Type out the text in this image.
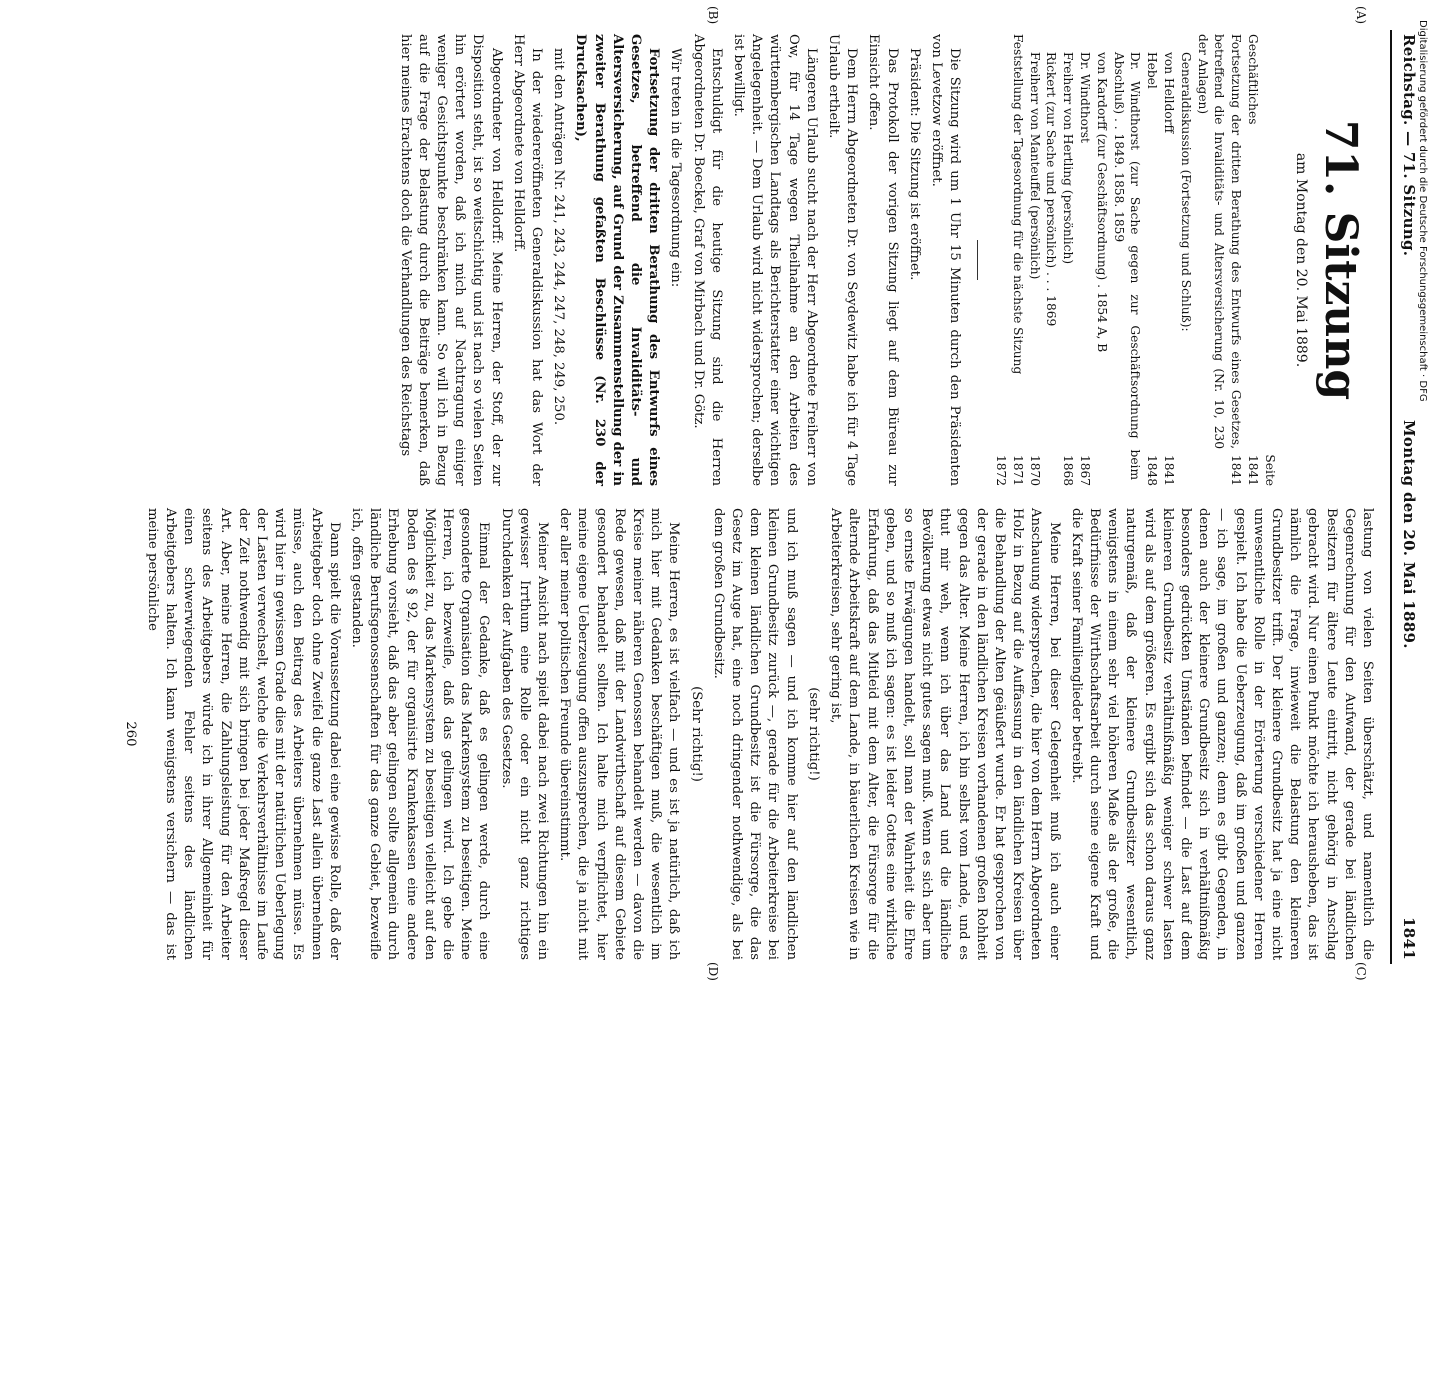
Reichstag. — 71. Sitzung.
Montag den 20. Mai 1889.
1841
(A)
(B)
(C)
(D)
71. Sitzung
am Montag den 20. Mai 1889.
Seite
Geschäftliches
1841
Fortsetzung der dritten Berathung des Entwurfs eines Gesetzes, betreffend die Invaliditäts- und Altersversicherung (Nr. 10, 230 der Anlagen)
1841
Generaldiskussion (Fortsetzung und Schluß):
von Helldorff
1841
Hebel
1848
Dr. Windthorst (zur Sache gegen zur Geschäftsordnung beim Abschluß) . . 1849. 1858. 1859
von Kardorff (zur Geschäftsordnung) . 1854 A, B
Dr. Windthorst
1867
Freiherr von Hertling (persönlich)
1868
Rickert (zur Sache und persönlich) . . . 1869
Freiherr von Manteuffel (persönlich)
1870
Feststellung der Tagesordnung für die nächste Sitzung
1871
1872

Die Sitzung wird um 1 Uhr 15 Minuten durch den Präsidenten von Levetzow eröffnet.

Präsident: Die Sitzung ist eröffnet.

Das Protokoll der vorigen Sitzung liegt auf dem Büreau zur Einsicht offen.

Dem Herrn Abgeordneten Dr. von Seydewitz habe ich für 4 Tage Urlaub ertheilt.

Längeren Urlaub sucht nach der Herr Abgeordnete Freiherr von Ow, für 14 Tage wegen Theilnahme an den Arbeiten des württembergischen Landtags als Berichterstatter einer wichtigen Angelegenheit. — Dem Urlaub wird nicht widersprochen; derselbe ist bewilligt.

Entschuldigt für die heutige Sitzung sind die Herren Abgeordneten Dr. Boeckel, Graf von Mirbach und Dr. Götz.

Wir treten in die Tagesordnung ein:

Fortsetzung der dritten Berathung des Entwurfs eines Gesetzes, betreffend die Invaliditäts- und Altersversicherung, auf Grund der Zusammenstellung der in zweiter Berathung gefaßten Beschlüsse (Nr. 230 der Drucksachen),

mit den Anträgen Nr. 241, 243, 244, 247, 248, 249, 250.

In der wiedereröffneten Generaldiskussion hat das Wort der Herr Abgeordnete von Helldorff.

Abgeordneter von Helldorff: Meine Herren, der Stoff, der zur Disposition steht, ist so weitschichtig und ist nach so vielen Seiten hin erörtert worden, daß ich mich auf Nachtragung einiger weniger Gesichtspunkte beschränken kann. So will ich in Bezug auf die Frage der Belastung durch die Beiträge bemerken, daß hier meines Erachtens doch die Verhandlungen des Reichstags

lastung von vielen Seiten überschätzt, und namentlich die Gegenrechnung für den Aufwand, der gerade bei ländlichen Besitzern für ältere Leute eintritt, nicht gehörig in Anschlag gebracht wird. Nur einen Punkt möchte ich herausheben, das ist nämlich die Frage, inwieweit die Belastung den kleineren Grundbesitzer trifft. Der kleinere Grundbesitz hat ja eine nicht unwesentliche Rolle in der Erörterung verschiedener Herren gespielt. Ich habe die Ueberzeugung, daß im großen und ganzen — ich sage, im großen und ganzen; denn es gibt Gegenden, in denen auch der kleinere Grundbesitz sich in verhältnißmäßig besonders gedrückten Umständen befindet — die Last auf dem kleineren Grundbesitz verhältnißmäßig weniger schwer lasten wird als auf dem größeren. Es ergibt sich das schon daraus ganz naturgemäß, daß der kleinere Grundbesitzer wesentlich, wenigstens in einem sehr viel höheren Maße als der große, die Bedürfnisse der Wirthschaftsarbeit durch seine eigene Kraft und die Kraft seiner Familienglieder betreibt.

Meine Herren, bei dieser Gelegenheit muß ich auch einer Anschauung widersprechen, die hier von dem Herrn Abgeordneten Holz in Bezug auf die Auffassung in den ländlichen Kreisen über die Behandlung der Alten geäußert wurde. Er hat gesprochen von der gerade in den ländlichen Kreisen vorhandenen großen Rohheit gegen das Alter. Meine Herren, ich bin selbst vom Lande, und es thut mir weh, wenn ich über das Land und die ländliche Bevölkerung etwas nicht gutes sagen muß. Wenn es sich aber um so ernste Erwägungen handelt, soll man der Wahrheit die Ehre geben, und so muß ich sagen: es ist leider Gottes eine wirkliche Erfahrung, daß das Mitleid mit dem Alter, die Fürsorge für die alternde Arbeitskraft auf dem Lande, in bäuerlichen Kreisen wie in Arbeiterkreisen, sehr gering ist,

(sehr richtig!)

und ich muß sagen — und ich komme hier auf den ländlichen kleinen Grundbesitz zurück —, gerade für die Arbeiterkreise bei dem kleinen ländlichen Grundbesitz ist die Fürsorge, die das Gesetz im Auge hat, eine noch dringender nothwendige, als bei dem großen Grundbesitz.

(Sehr richtig!)

Meine Herren, es ist vielfach — und es ist ja natürlich, daß ich mich hier mit Gedanken beschäftigen muß, die wesentlich im Kreise meiner näheren Genossen behandelt werden — davon die Rede gewesen, daß mit der Landwirthschaft auf diesem Gebiete gesondert behandelt sollten. Ich halte mich verpflichtet, hier meine eigene Ueberzeugung offen auszusprechen, die ja nicht mit der aller meiner politischen Freunde übereinstimmt.

Meiner Ansicht nach spielt dabei nach zwei Richtungen hin ein gewisser Irrthum eine Rolle oder ein nicht ganz richtiges Durchdenken der Aufgaben des Gesetzes.

Einmal der Gedanke, daß es gelingen werde, durch eine gesonderte Organisation das Markensystem zu beseitigen. Meine Herren, ich bezweifle, daß das gelingen wird. Ich gebe die Möglichkeit zu, das Markensystem zu beseitigen vielleicht auf den Boden des § 92, der für organisirte Krankenkassen eine andere Erhebung vorsieht, daß das aber gelingen sollte allgemein durch ländliche Berufsgenossenschaften für das ganze Gebiet, bezweifle ich, offen gestanden.

Dann spielt die Voraussetzung dabei eine gewisse Rolle, daß der Arbeitgeber doch ohne Zweifel die ganze Last allein übernehmen müsse, auch den Beitrag des Arbeiters übernehmen müsse. Es wird hier in gewissem Grade dies mit der natürlichen Ueberlegung der Lasten verwechselt, welche die Verkehrsverhältnisse im Laufe der Zeit nothwendig mit sich bringen bei jeder Maßregel dieser Art. Aber, meine Herren, die Zahlungsleistung für den Arbeiter seitens des Arbeitgebers würde ich in ihrer Allgemeinheit für einen schwerwiegenden Fehler seitens des ländlichen Arbeitgebers halten. Ich kann wenigstens versichern — das ist meine persönliche

260

Digitalisierung gefördert durch die Deutsche Forschungsgemeinschaft · DFG
